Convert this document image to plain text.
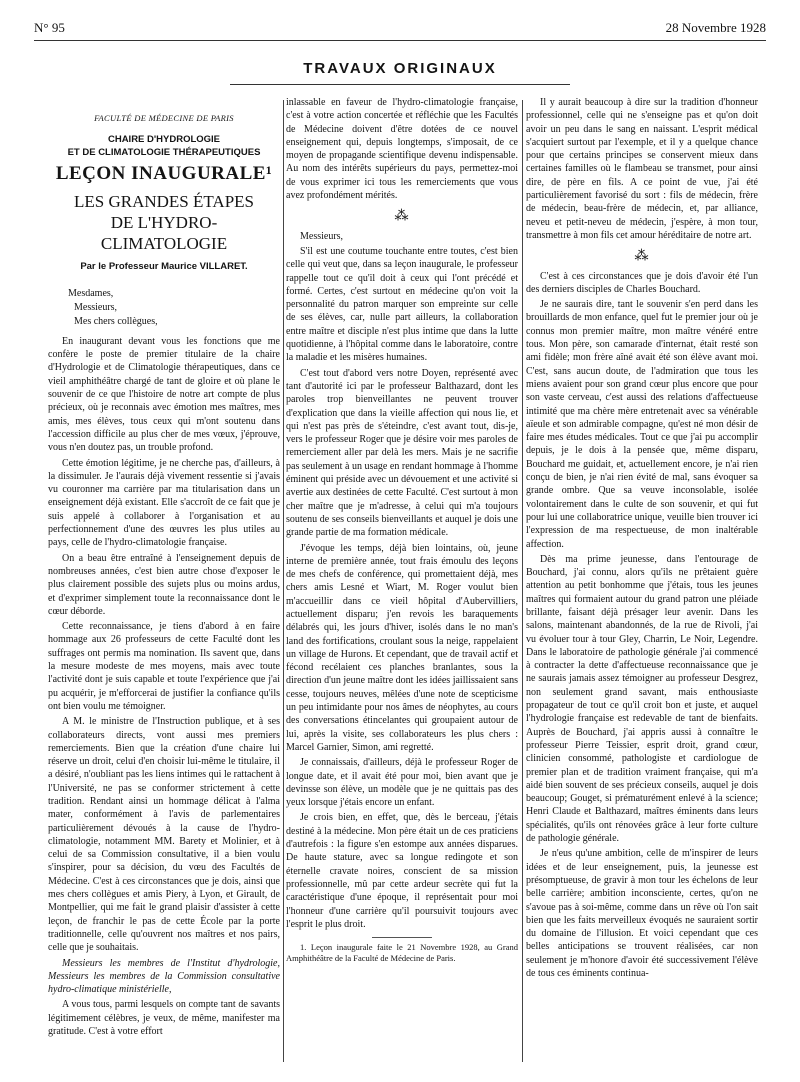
N° 95	28 Novembre 1928
TRAVAUX ORIGINAUX
FACULTÉ DE MÉDECINE DE PARIS
CHAIRE D'HYDROLOGIE
ET DE CLIMATOLOGIE THÉRAPEUTIQUES
LEÇON INAUGURALE¹
LES GRANDES ÉTAPES
DE L'HYDRO-CLIMATOLOGIE
Par le Professeur Maurice VILLARET.
Mesdames,
Messieurs,
Mes chers collègues,

En inaugurant devant vous les fonctions que me confère le poste de premier titulaire de la chaire d'Hydrologie et de Climatologie thérapeutiques, dans ce vieil amphithéâtre chargé de tant de gloire et où plane le souvenir de ce que l'histoire de notre art compte de plus précieux, où je reconnais avec émotion mes maîtres, mes amis, mes élèves, tous ceux qui m'ont soutenu dans l'accession difficile au plus cher de mes vœux, j'éprouve, vous n'en doutez pas, un trouble profond.

Cette émotion légitime, je ne cherche pas, d'ailleurs, à la dissimuler. Je l'aurais déjà vivement ressentie si j'avais vu couronner ma carrière par ma titularisation dans un enseignement déjà existant. Elle s'accroît de ce fait que je suis appelé à collaborer à l'organisation et au perfectionnement d'une des œuvres les plus utiles au pays, celle de l'hydro-climatologie française.

On a beau être entraîné à l'enseignement depuis de nombreuses années, c'est bien autre chose d'exposer le plus clairement possible des sujets plus ou moins ardus, et d'exprimer simplement toute la reconnaissance dont le cœur déborde.

Cette reconnaissance, je tiens d'abord à en faire hommage aux 26 professeurs de cette Faculté dont les suffrages ont permis ma nomination. Ils savent que, dans la mesure modeste de mes moyens, mais avec toute l'activité dont je suis capable et toute l'expérience que j'ai pu acquérir, je m'efforcerai de justifier la confiance qu'ils ont bien voulu me témoigner.

A M. le ministre de l'Instruction publique, et à ses collaborateurs directs, vont aussi mes premiers remerciements. Bien que la création d'une chaire lui réserve un droit, celui d'en choisir lui-même le titulaire, il a désiré, n'oubliant pas les liens intimes qui le rattachent à l'Université, ne pas se conformer strictement à cette tradition. Rendant ainsi un hommage délicat à l'alma mater, conformément à l'avis de parlementaires particulièrement dévoués à la cause de l'hydro-climatologie, notamment MM. Barety et Molinier, et à celui de sa Commission consultative, il a bien voulu s'inspirer, pour sa décision, du vœu des Facultés de Médecine. C'est à ces circonstances que je dois, ainsi que mes chers collègues et amis Piery, à Lyon, et Girault, de Montpellier, qui me fait le grand plaisir d'assister à cette leçon, de franchir le pas de cette École par la porte traditionnelle, celle qu'ouvrent nos maîtres et nos pairs, celle que je souhaitais.

Messieurs les membres de l'Institut d'hydrologie, Messieurs les membres de la Commission consultative hydro-climatique ministérielle,

A vous tous, parmi lesquels on compte tant de savants légitimement célèbres, je veux, de même, manifester ma gratitude. C'est à votre effort

inlassable en faveur de l'hydro-climatologie française, c'est à votre action concertée et réfléchie que les Facultés de Médecine doivent d'être dotées de ce nouvel enseignement qui, depuis longtemps, s'imposait, de ce moyen de propagande scientifique devenu indispensable. Au nom des intérêts supérieurs du pays, permettez-moi de vous exprimer ici tous les remerciements que vous avez profondément mérités.

⁂

Messieurs,

S'il est une coutume touchante entre toutes, c'est bien celle qui veut que, dans sa leçon inaugurale, le professeur rappelle tout ce qu'il doit à ceux qui l'ont précédé et formé. Certes, c'est surtout en médecine qu'on voit la personnalité du patron marquer son empreinte sur celle de ses élèves, car, nulle part ailleurs, la collaboration entre maître et disciple n'est plus intime que dans la lutte quotidienne, à l'hôpital comme dans le laboratoire, contre la maladie et les misères humaines.

C'est tout d'abord vers notre Doyen, représenté avec tant d'autorité ici par le professeur Balthazard, dont les paroles trop bienveillantes ne peuvent trouver d'explication que dans la vieille affection qui nous lie, et qui n'est pas près de s'éteindre, c'est avant tout, dis-je, vers le professeur Roger que je désire voir mes paroles de remerciement aller par delà les mers. Mais je ne sacrifie pas seulement à un usage en rendant hommage à l'homme éminent qui préside avec un dévouement et une activité si avertie aux destinées de cette Faculté. C'est surtout à mon cher maître que je m'adresse, à celui qui m'a toujours soutenu de ses conseils bienveillants et auquel je dois une grande partie de ma formation médicale.

J'évoque les temps, déjà bien lointains, où, jeune interne de première année, tout frais émoulu des leçons de mes chefs de conférence, qui promettaient déjà, mes chers amis Lesné et Wiart, M. Roger voulut bien m'accueillir dans ce vieil hôpital d'Aubervilliers, actuellement disparu; j'en revois les baraquements délabrés qui, les jours d'hiver, isolés dans le no man's land des fortifications, croulant sous la neige, rappelaient un village de Hurons. Et cependant, que de travail actif et fécond recélaient ces planches branlantes, sous la direction d'un jeune maître dont les idées jaillissaient sans cesse, toujours neuves, mêlées d'une note de scepticisme un peu intimidante pour nos âmes de néophytes, au cours des conversations étincelantes qui groupaient autour de lui, après la visite, ses collaborateurs les plus chers : Marcel Garnier, Simon, ami regretté.

Je connaissais, d'ailleurs, déjà le professeur Roger de longue date, et il avait été pour moi, bien avant que je devinsse son élève, un modèle que je ne quittais pas des yeux lorsque j'étais encore un enfant.

Je crois bien, en effet, que, dès le berceau, j'étais destiné à la médecine. Mon père était un de ces praticiens d'autrefois : la figure s'en estompe aux années disparues. De haute stature, avec sa longue redingote et son éternelle cravate noires, conscient de sa mission professionnelle, mû par cette ardeur secrète qui fut la caractéristique d'une époque, il représentait pour moi l'honneur d'une carrière qu'il poursuivit toujours avec l'esprit le plus droit.

1. Leçon inaugurale faite le 21 Novembre 1928, au Grand Amphithéâtre de la Faculté de Médecine de Paris.

Il y aurait beaucoup à dire sur la tradition d'honneur professionnel, celle qui ne s'enseigne pas et qu'on doit avoir un peu dans le sang en naissant. L'esprit médical s'acquiert surtout par l'exemple, et il y a quelque chance pour que certains principes se conservent mieux dans certaines familles où le flambeau se transmet, pour ainsi dire, de père en fils. A ce point de vue, j'ai été particulièrement favorisé du sort : fils de médecin, frère de médecin, beau-frère de médecin, et, par alliance, neveu et petit-neveu de médecin, j'espère, à mon tour, transmettre à mon fils cet amour héréditaire de notre art.

⁂

C'est à ces circonstances que je dois d'avoir été l'un des derniers disciples de Charles Bouchard.

Je ne saurais dire, tant le souvenir s'en perd dans les brouillards de mon enfance, quel fut le premier jour où je connus mon premier maître, mon maître vénéré entre tous. Mon père, son camarade d'internat, était resté son ami fidèle; mon frère aîné avait été son élève avant moi. C'est, sans aucun doute, de l'admiration que tous les miens avaient pour son grand cœur plus encore que pour son vaste cerveau, c'est aussi des relations d'affectueuse intimité que ma chère mère entretenait avec sa vénérable aïeule et son admirable compagne, qu'est né mon désir de faire mes études médicales. Tout ce que j'ai pu accomplir depuis, je le dois à la pensée que, même disparu, Bouchard me guidait, et, actuellement encore, je n'ai rien conçu de bien, je n'ai rien évité de mal, sans évoquer sa grande ombre. Que sa veuve inconsolable, isolée volontairement dans le culte de son souvenir, et qui fut pour lui une collaboratrice unique, veuille bien trouver ici l'expression de ma respectueuse, de mon inaltérable affection.

Dès ma prime jeunesse, dans l'entourage de Bouchard, j'ai connu, alors qu'ils ne prêtaient guère attention au petit bonhomme que j'étais, tous les jeunes maîtres qui formaient autour du grand patron une pléiade brillante, faisant déjà présager leur avenir. Dans les salons, maintenant abandonnés, de la rue de Rivoli, j'ai vu évoluer tour à tour Gley, Charrin, Le Noir, Legendre. Dans le laboratoire de pathologie générale j'ai commencé à contracter la dette d'affectueuse reconnaissance que je ne saurais jamais assez témoigner au professeur Desgrez, non seulement grand savant, mais enthousiaste propagateur de tout ce qu'il croit bon et juste, et auquel l'hydrologie française est redevable de tant de bienfaits. Auprès de Bouchard, j'ai appris aussi à connaître le professeur Pierre Teissier, esprit droit, grand cœur, clinicien consommé, pathologiste et cardiologue de premier plan et de tradition vraiment française, qui m'a aidé bien souvent de ses précieux conseils, auquel je dois beaucoup; Gouget, si prématurément enlevé à la science; Henri Claude et Balthazard, maîtres éminents dans leurs spécialités, qu'ils ont rénovées grâce à leur forte culture de pathologie générale.

Je n'eus qu'une ambition, celle de m'inspirer de leurs idées et de leur enseignement, puis, la jeunesse est présomptueuse, de gravir à mon tour les échelons de leur belle carrière; ambition inconsciente, certes, qu'on ne s'avoue pas à soi-même, comme dans un rêve où l'on sait bien que les faits merveilleux évoqués ne sauraient sortir du domaine de l'illusion. Et voici cependant que ces belles anticipations se trouvent réalisées, car non seulement je m'honore d'avoir été successivement l'élève de tous ces éminents continua-
